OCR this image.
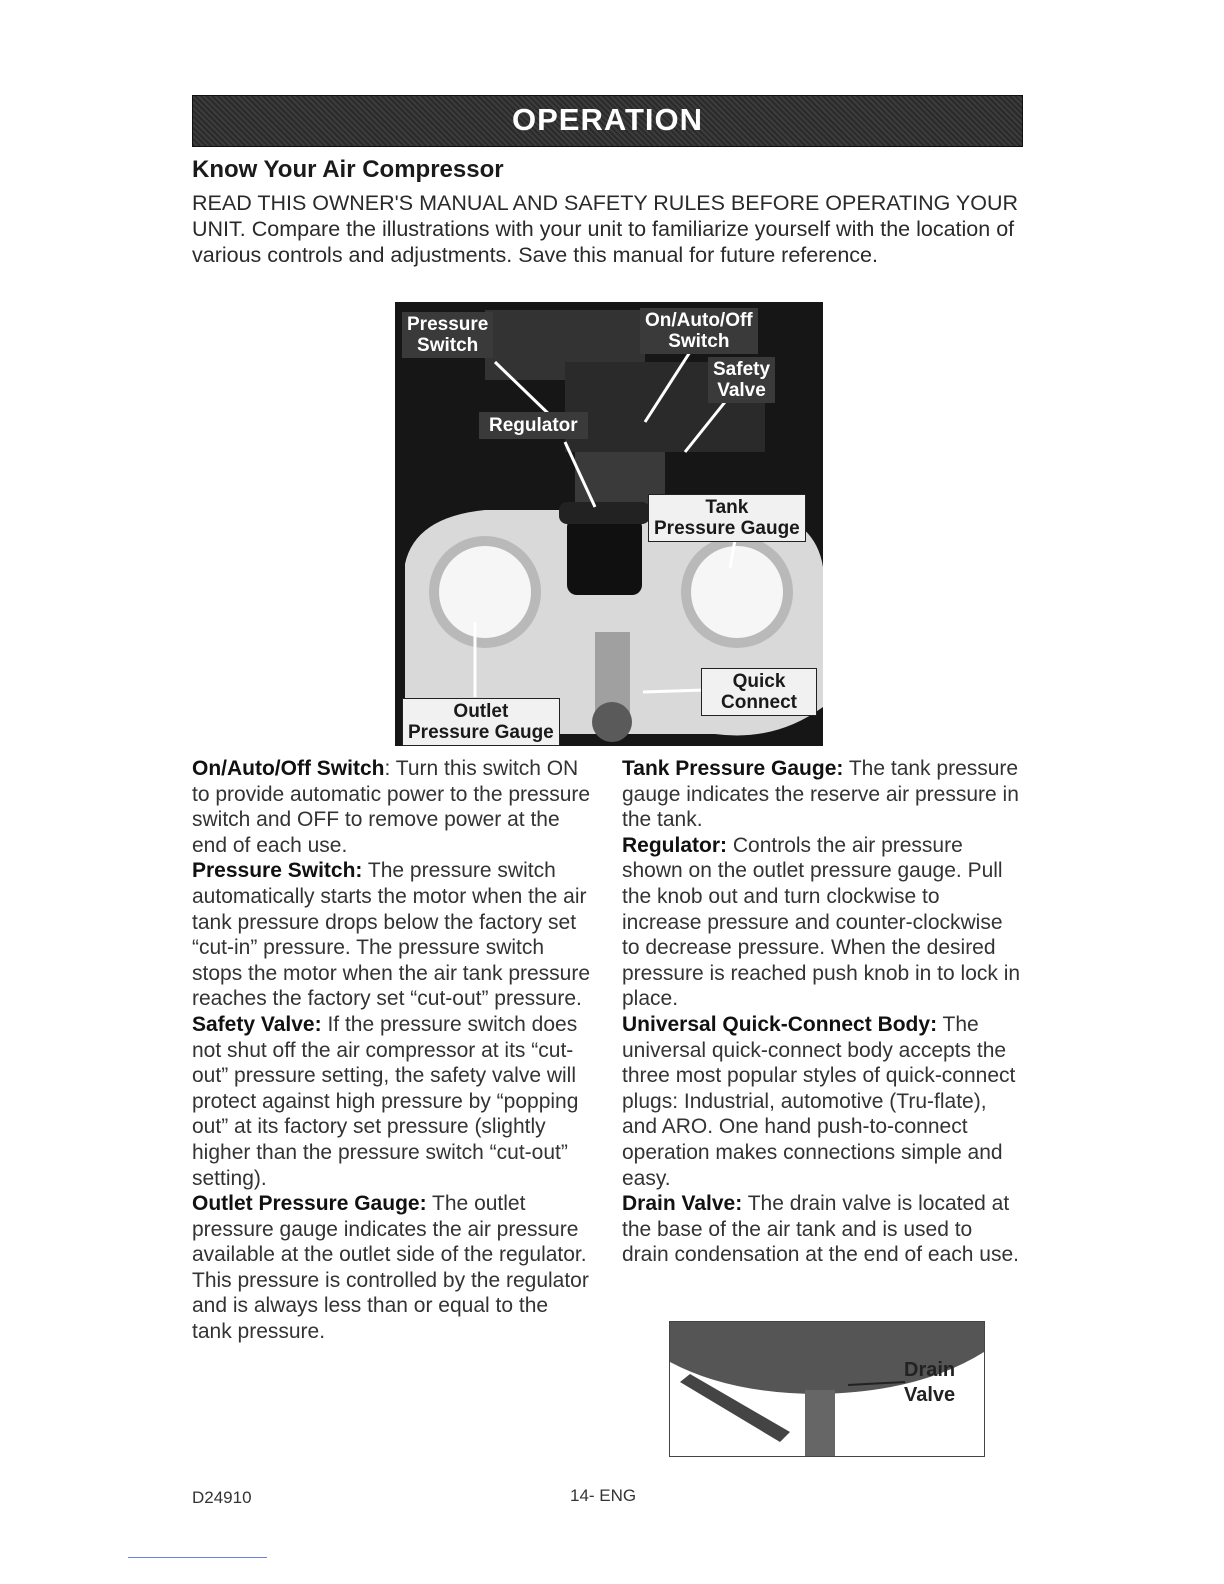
OPERATION
Know Your Air Compressor
READ THIS OWNER'S MANUAL AND SAFETY RULES BEFORE OPERATING YOUR UNIT. Compare the illustrations with your unit to familiarize yourself with the location of various controls and adjustments. Save this manual for future reference.
Pressure
Switch
On/Auto/Off
Switch
Safety
Valve
Regulator
Tank
Pressure Gauge
Quick
Connect
Outlet
Pressure Gauge

On/Auto/Off Switch: Turn this switch ON to provide automatic power to the pressure switch and OFF to remove power at the end of each use.

Pressure Switch: The pressure switch automatically starts the motor when the air tank pressure drops below the factory set “cut-in” pressure. The pressure switch stops the motor when the air tank pressure reaches the factory set “cut-out” pressure.

Safety Valve: If the pressure switch does not shut off the air compressor at its “cut-out” pressure setting, the safety valve will protect against high pressure by “popping out” at its factory set pressure (slightly higher than the pressure switch “cut-out” setting).

Outlet Pressure Gauge: The outlet pressure gauge indicates the air pressure available at the outlet side of the regulator. This pressure is controlled by the regulator and is always less than or equal to the tank pressure.

Tank Pressure Gauge: The tank pressure gauge indicates the reserve air pressure in the tank.

Regulator: Controls the air pressure shown on the outlet pressure gauge. Pull the knob out and turn clockwise to increase pressure and counter-clockwise to decrease pressure. When the desired pressure is reached push knob in to lock in place.

Universal Quick-Connect Body: The universal quick-connect body accepts the three most popular styles of quick-connect plugs: Industrial, automotive (Tru-flate), and ARO. One hand push-to-connect operation makes connections simple and easy.

Drain Valve: The drain valve is located at the base of the air tank and is used to drain condensation at the end of each use.

Drain
Valve
D24910	14- ENG
